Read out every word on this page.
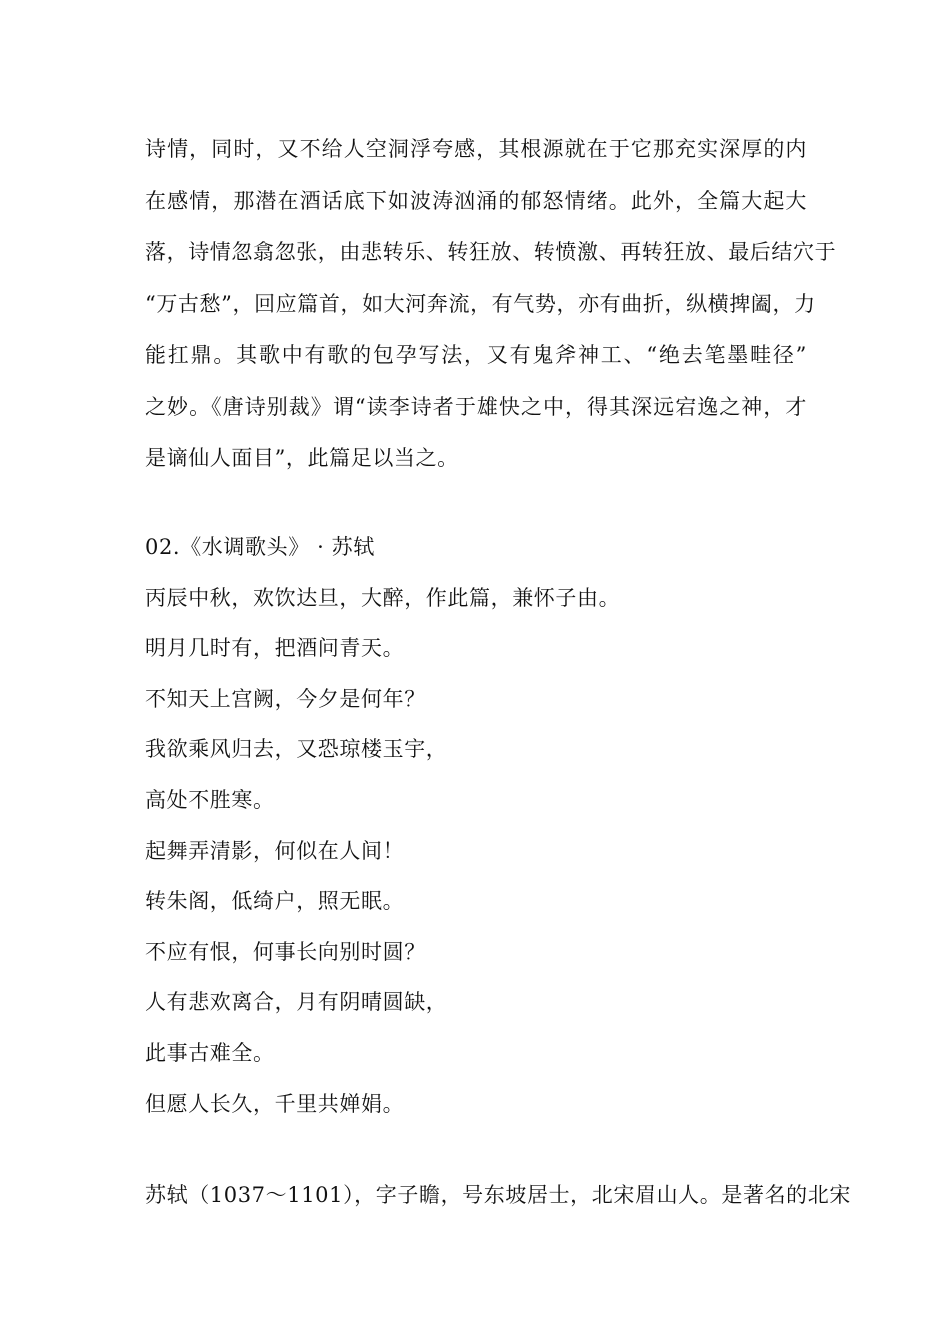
诗情，同时，又不给人空洞浮夸感，其根源就在于它那充实深厚的内
在感情，那潜在酒话底下如波涛汹涌的郁怒情绪。此外，全篇大起大
落，诗情忽翕忽张，由悲转乐、转狂放、转愤激、再转狂放、最后结穴于
“万古愁”，回应篇首，如大河奔流，有气势，亦有曲折，纵横捭阖，力
能扛鼎。其歌中有歌的包孕写法，又有鬼斧神工、“绝去笔墨畦径”
之妙。《唐诗别裁》谓“读李诗者于雄快之中，得其深远宕逸之神，才
是谪仙人面目”，此篇足以当之。
02.《水调歌头》 · 苏轼
丙辰中秋，欢饮达旦，大醉，作此篇，兼怀子由。
明月几时有，把酒问青天。
不知天上宫阙，今夕是何年？
我欲乘风归去，又恐琼楼玉宇，
高处不胜寒。
起舞弄清影，何似在人间！
转朱阁，低绮户，照无眠。
不应有恨，何事长向别时圆？
人有悲欢离合，月有阴晴圆缺，
此事古难全。
但愿人长久，千里共婵娟。
苏轼（1037～1101），字子瞻，号东坡居士，北宋眉山人。是著名的北宋
